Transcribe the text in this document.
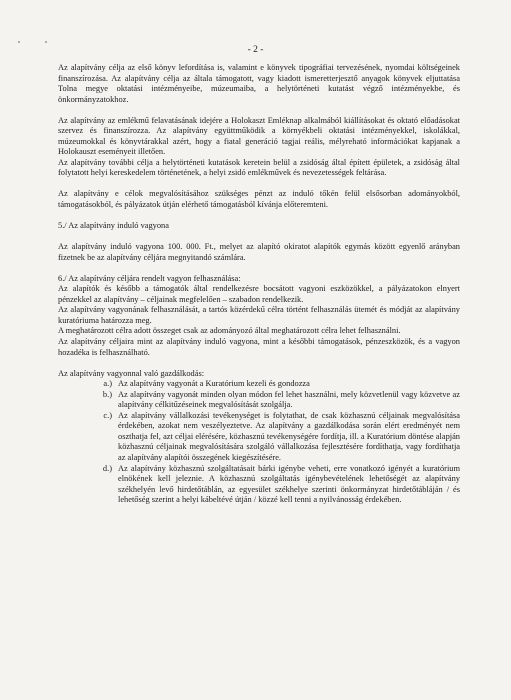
- 2 -

Az alapítvány célja az első könyv lefordítása is, valamint e könyvek tipográfiai tervezésének, nyomdai költségeinek finanszírozása. Az alapítvány célja az általa támogatott, vagy kiadott ismeretterjesztő anyagok könyvek eljuttatása Tolna megye oktatási intézményeibe, múzeumaiba, a helytörténeti kutatást végző intézményekbe, és önkormányzatokhoz.

Az alapítvány az emlékmű felavatásának idejére a Holokaszt Emléknap alkalmából kiállításokat és oktató előadásokat szervez és finanszírozza. Az alapítvány együttműködik a környékbeli oktatási intézményekkel, iskolákkal, múzeumokkal és könyvtárakkal azért, hogy a fiatal generáció tagjai reális, mélyreható információkat kapjanak a Holokauszt eseményeit illetően.

Az alapítvány további célja a helytörténeti kutatások keretein belül a zsidóság által épített épületek, a zsidóság által folytatott helyi kereskedelem történetének, a helyi zsidó emlékművek és nevezetességek feltárása.

Az alapítvány e célok megvalósításához szükséges pénzt az induló tőkén felül elsősorban adományokból, támogatásokból, és pályázatok útján elérhető támogatásból kívánja előteremteni.

5./ Az alapítvány induló vagyona

Az alapítvány induló vagyona 100. 000. Ft., melyet az alapító okiratot alapítók egymás között egyenlő arányban fizetnek be az alapítvány céljára megnyitandó számlára.

6./ Az alapítvány céljára rendelt vagyon felhasználása:

Az alapítók és később a támogatók által rendelkezésre bocsátott vagyoni eszközökkel, a pályázatokon elnyert pénzekkel az alapítvány – céljainak megfelelően – szabadon rendelkezik.

Az alapítvány vagyonának felhasználását, a tartós közérdekű célra történt felhasználás ütemét és módját az alapítvány kuratóriuma határozza meg.

A meghatározott célra adott összeget csak az adományozó által meghatározott célra lehet felhasználni.

Az alapítvány céljaira mint az alapítvány induló vagyona, mint a későbbi támogatások, pénzeszközök, és a vagyon hozadéka is felhasználható.

Az alapítvány vagyonnal való gazdálkodás:

a.) Az alapítvány vagyonát a Kuratórium kezeli és gondozza
b.) Az alapítvány vagyonát minden olyan módon fel lehet használni, mely közvetlenül vagy közvetve az alapítvány célkitűzéseinek megvalósítását szolgálja.
c.) Az alapítvány vállalkozási tevékenységet is folytathat, de csak közhasznú céljainak megvalósítása érdekében, azokat nem veszélyeztetve. Az alapítvány a gazdálkodása során elért eredményét nem oszthatja fel, azt céljai elérésére, közhasznú tevékenységére fordítja, ill. a Kuratórium döntése alapján közhasznú céljainak megvalósítására szolgáló vállalkozása fejlesztésére fordíthatja, vagy fordíthatja az alapítvány alapítói összegének kiegészítésére.
d.) Az alapítvány közhasznú szolgáltatásait bárki igénybe veheti, erre vonatkozó igényét a kuratórium elnökének kell jeleznie. A közhasznú szolgáltatás igénybevételének lehetőségét az alapítvány székhelyén levő hirdetőtáblán, az egyesület székhelye szerinti önkormányzat hirdetőtábláján / és lehetőség szerint a helyi kábeltévé útján / közzé kell tenni a nyilvánosság érdekében.
